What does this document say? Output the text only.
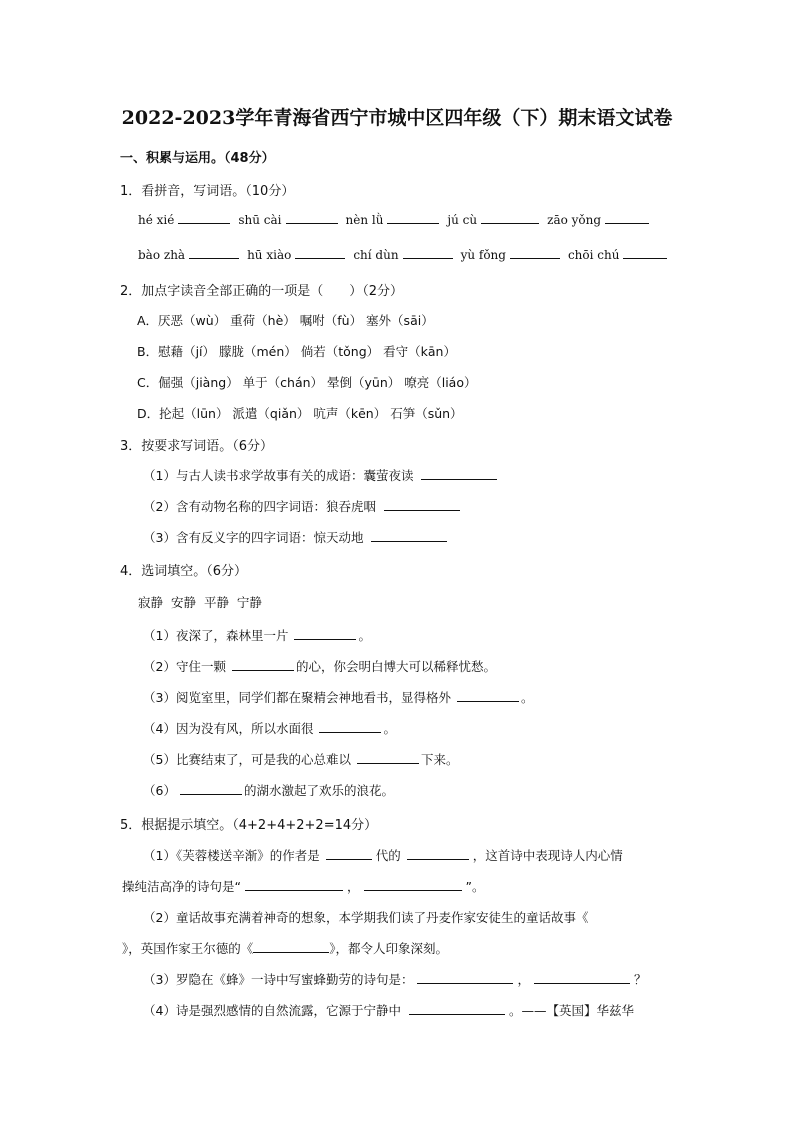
2022-2023学年青海省西宁市城中区四年级（下）期末语文试卷
一、积累与运用。（48分）
1．看拼音，写词语。（10分）
hé xié	shū cài	nèn lǜ	jú cù	zāo yǒng
bào zhà	hū xiào	chí dùn	yù fǒng	chōi chú
2．加点字读音全部正确的一项是（　　）（2分）
A．厌恶（wù） 重荷（hè） 嘱咐（fù） 塞外（sāi）
B．慰藉（jí） 朦胧（mén） 倘若（tǒng） 看守（kān）
C．倔强（jiàng） 单于（chán） 晕倒（yūn） 嘹亮（liáo）
D．抡起（lūn） 派遣（qiǎn） 吭声（kēn） 石笋（sǔn）
3．按要求写词语。（6分）
（1）与古人读书求学故事有关的成语：囊萤夜读
（2）含有动物名称的四字词语：狼吞虎咽
（3）含有反义字的四字词语：惊天动地
4．选词填空。（6分）
寂静 安静 平静 宁静
（1）夜深了，森林里一片	。
（2）守住一颗	的心，你会明白博大可以稀释忧愁。
（3）阅览室里，同学们都在聚精会神地看书，显得格外	。
（4）因为没有风，所以水面很	。
（5）比赛结束了，可是我的心总难以	下来。
（6）	的湖水激起了欢乐的浪花。
5．根据提示填空。（4+2+4+2+2=14分）
（1）《芙蓉楼送辛渐》的作者是	代的	，这首诗中表现诗人内心情
操纯洁高净的诗句是“	，	”。
（2）童话故事充满着神奇的想象，本学期我们读了丹麦作家安徒生的童话故事《
》，英国作家王尔德的《	》，都令人印象深刻。
（3）罗隐在《蜂》一诗中写蜜蜂勤劳的诗句是：	，	？
（4）诗是强烈感情的自然流露，它源于宁静中	。——【英国】华兹华
